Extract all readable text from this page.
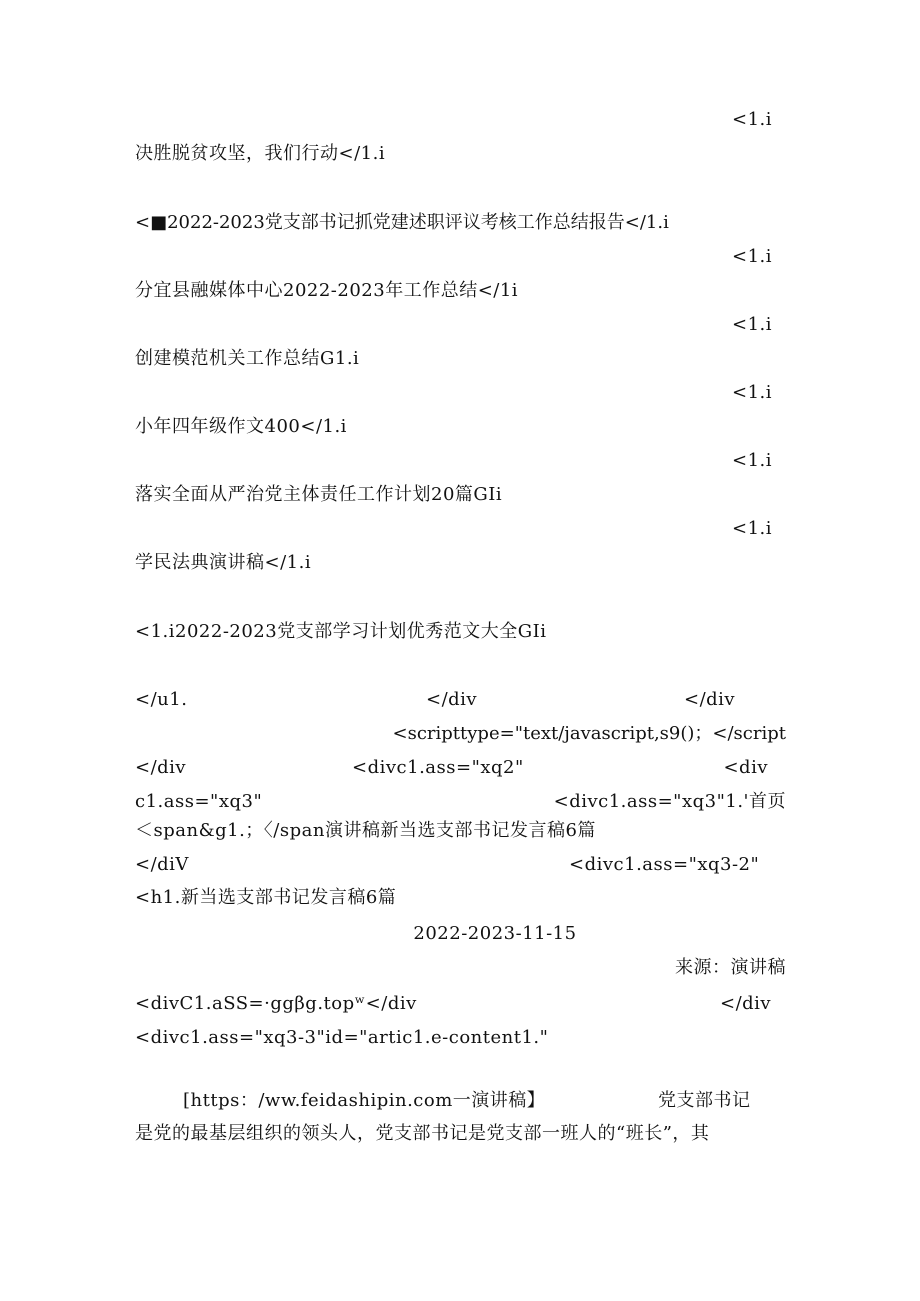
<1.i
决胜脱贫攻坚，我们行动</1.i
<■2022-2023党支部书记抓党建述职评议考核工作总结报告</1.i
<1.i
分宜县融媒体中心2022-2023年工作总结</1i
<1.i
创建模范机关工作总结G1.i
<1.i
小年四年级作文400</1.i
<1.i
落实全面从严治党主体责任工作计划20篇GIi
<1.i
学民法典演讲稿</1.i
<1.i2022-2023党支部学习计划优秀范文大全GIi
</u1.	</div	</div
<scripttype="text/javascript,s9()；</script
</div	<divc1.ass="xq2"	<div
c1.ass="xq3"	<divc1.ass="xq3"1.'首页
＜span&g1.；〈/span演讲稿新当选支部书记发言稿6篇
</diV	<divc1.ass="xq3-2"
<h1.新当选支部书记发言稿6篇
2022-2023-11-15
来源：演讲稿
<divC1.aSS=·ggβg.topʷ</div	</div
<divc1.ass="xq3-3"id="artic1.e-content1."
[https：/ww.feidashipin.com一演讲稿】	党支部书记
是党的最基层组织的领头人，党支部书记是党支部一班人的“班长”，其
